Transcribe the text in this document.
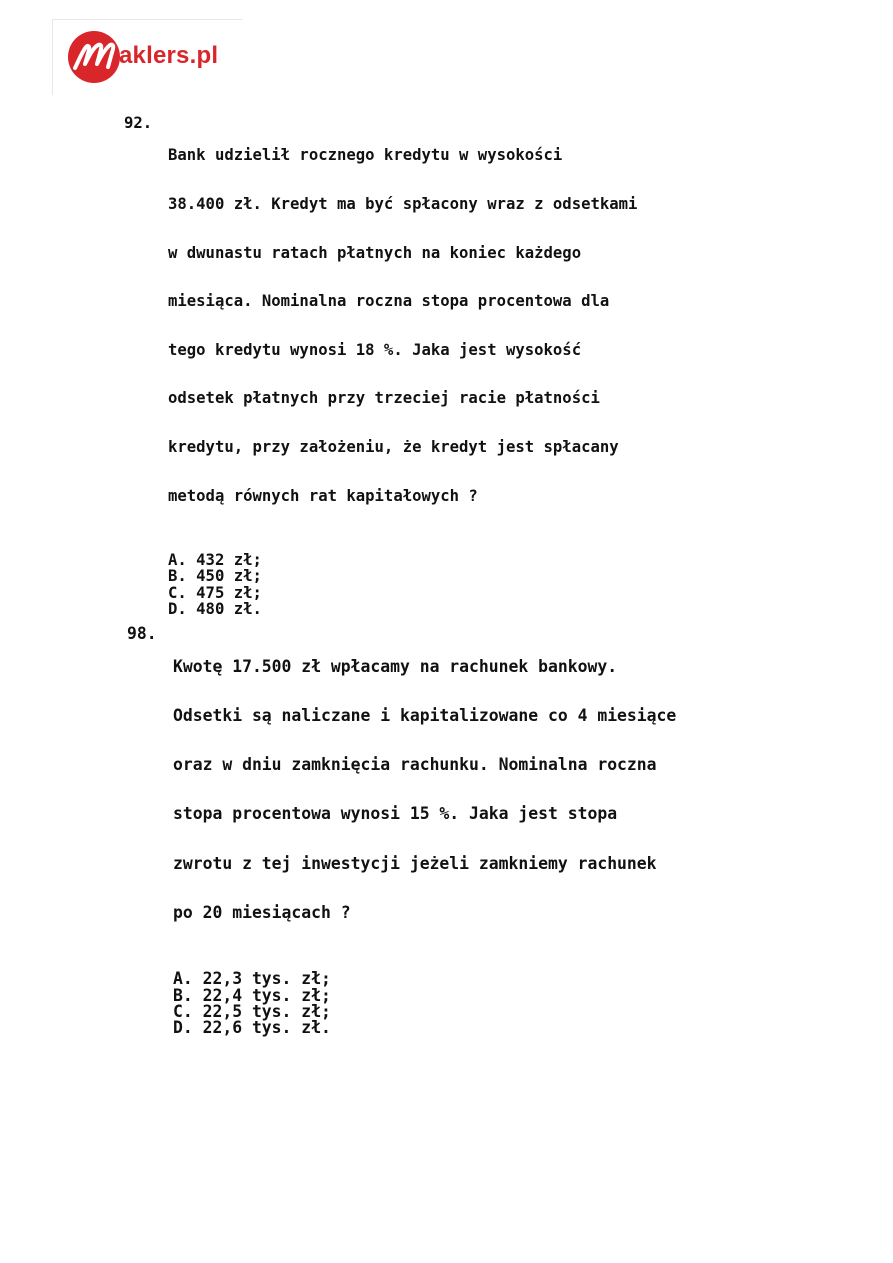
aklers.pl
92.

Bank udzielił rocznego kredytu w wysokości

38.400 zł. Kredyt ma być spłacony wraz z odsetkami

w dwunastu ratach płatnych na koniec każdego

miesiąca. Nominalna roczna stopa procentowa dla

tego kredytu wynosi 18 %. Jaka jest wysokość

odsetek płatnych przy trzeciej racie płatności

kredytu, przy założeniu, że kredyt jest spłacany

metodą równych rat kapitałowych ?

A. 432 zł;
B. 450 zł;
C. 475 zł;
D. 480 zł.
98.

Kwotę 17.500 zł wpłacamy na rachunek bankowy.

Odsetki są naliczane i kapitalizowane co 4 miesiące

oraz w dniu zamknięcia rachunku. Nominalna roczna

stopa procentowa wynosi 15 %. Jaka jest stopa

zwrotu z tej inwestycji jeżeli zamkniemy rachunek

po 20 miesiącach ?

A. 22,3 tys. zł;
B. 22,4 tys. zł;
C. 22,5 tys. zł;
D. 22,6 tys. zł.
